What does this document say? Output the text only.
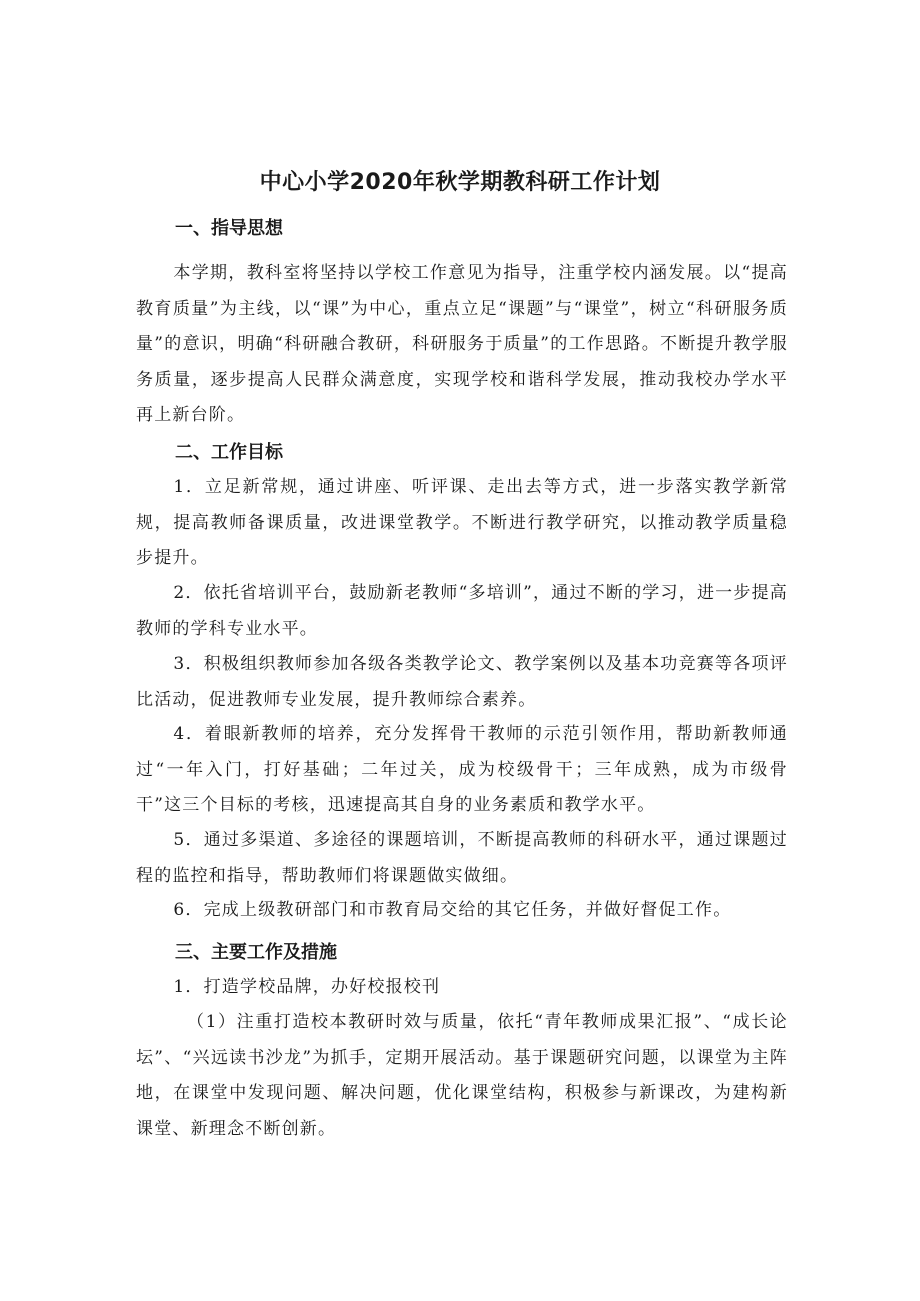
中心小学2020年秋学期教科研工作计划
一、指导思想

本学期，教科室将坚持以学校工作意见为指导，注重学校内涵发展。以“提高教育质量”为主线，以“课”为中心，重点立足“课题”与“课堂”，树立“科研服务质量”的意识，明确“科研融合教研，科研服务于质量”的工作思路。不断提升教学服务质量，逐步提高人民群众满意度，实现学校和谐科学发展，推动我校办学水平再上新台阶。

二、工作目标

1．立足新常规，通过讲座、听评课、走出去等方式，进一步落实教学新常规，提高教师备课质量，改进课堂教学。不断进行教学研究，以推动教学质量稳步提升。

2．依托省培训平台，鼓励新老教师“多培训”，通过不断的学习，进一步提高教师的学科专业水平。

3．积极组织教师参加各级各类教学论文、教学案例以及基本功竞赛等各项评比活动，促进教师专业发展，提升教师综合素养。

4．着眼新教师的培养，充分发挥骨干教师的示范引领作用，帮助新教师通过“一年入门，打好基础；二年过关，成为校级骨干；三年成熟，成为市级骨干”这三个目标的考核，迅速提高其自身的业务素质和教学水平。

5．通过多渠道、多途径的课题培训，不断提高教师的科研水平，通过课题过程的监控和指导，帮助教师们将课题做实做细。

6．完成上级教研部门和市教育局交给的其它任务，并做好督促工作。

三、主要工作及措施

1．打造学校品牌，办好校报校刊

（1）注重打造校本教研时效与质量，依托“青年教师成果汇报”、“成长论坛”、“兴远读书沙龙”为抓手，定期开展活动。基于课题研究问题，以课堂为主阵地，在课堂中发现问题、解决问题，优化课堂结构，积极参与新课改，为建构新课堂、新理念不断创新。
